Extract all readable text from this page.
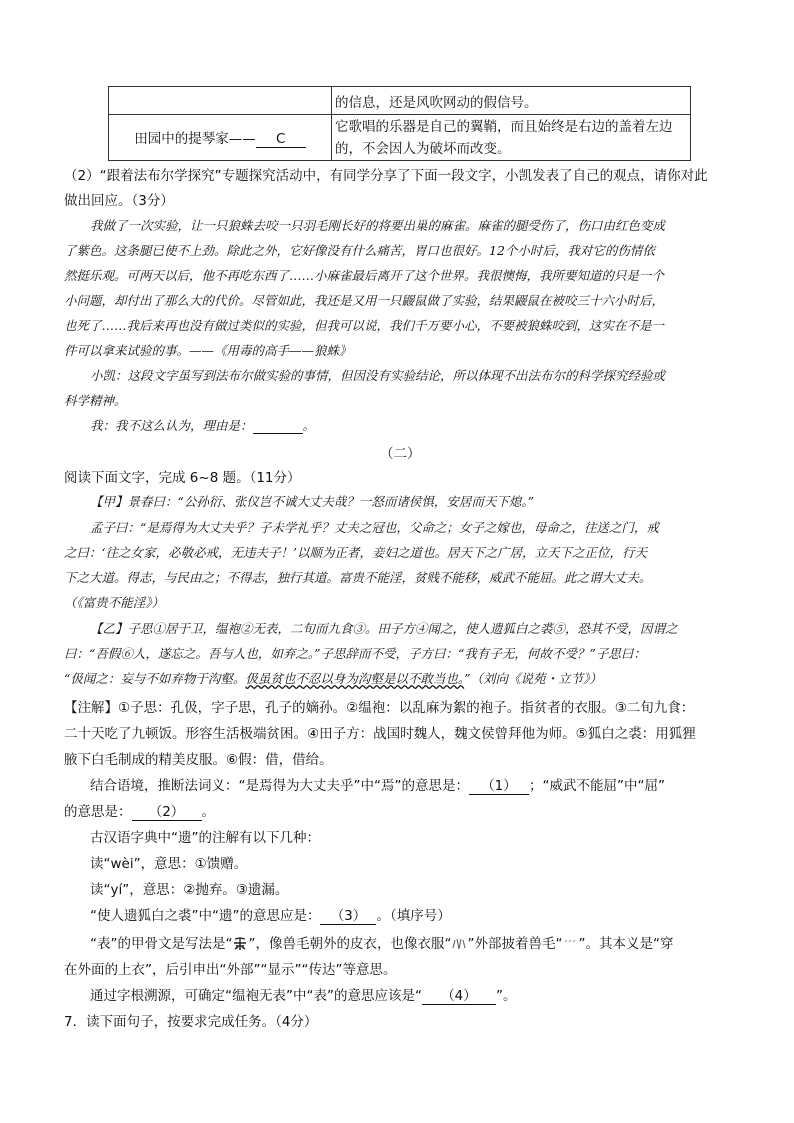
	的信息，还是风吹网动的假信号。
田园中的提琴家—— C	它歌唱的乐器是自己的翼鞘，而且始终是右边的盖着左边
的，不会因人为破坏而改变。
（2）“跟着法布尔学探究”专题探究活动中，有同学分享了下面一段文字，小凯发表了自己的观点，请你对此
做出回应。（3分）
我做了一次实验，让一只狼蛛去咬一只羽毛刚长好的将要出巢的麻雀。麻雀的腿受伤了，伤口由红色变成
了紫色。这条腿已使不上劲。除此之外，它好像没有什么痛苦，胃口也很好。12个小时后，我对它的伤情依
然挺乐观。可两天以后，他不再吃东西了……小麻雀最后离开了这个世界。我很懊悔，我所要知道的只是一个
小问题，却付出了那么大的代价。尽管如此，我还是又用一只鼹鼠做了实验，结果鼹鼠在被咬三十六小时后，
也死了……我后来再也没有做过类似的实验，但我可以说，我们千万要小心，不要被狼蛛咬到，这实在不是一
件可以拿来试验的事。——《用毒的高手——狼蛛》
小凯：这段文字虽写到法布尔做实验的事情，但因没有实验结论，所以体现不出法布尔的科学探究经验或
科学精神。
我：我不这么认为，理由是：	。
（二）
阅读下面文字，完成 6~8 题。（11分）
【甲】景春曰：“公孙衍、张仪岂不诚大丈夫哉？一怒而诸侯惧，安居而天下熄。”
孟子曰：“是焉得为大丈夫乎？子未学礼乎？丈夫之冠也，父命之；女子之嫁也，母命之，往送之门，戒
之曰：‘往之女家，必敬必戒，无违夫子！’以顺为正者，妾妇之道也。居天下之广居，立天下之正位，行天
下之大道。得志，与民由之；不得志，独行其道。富贵不能淫，贫贱不能移，威武不能屈。此之谓大丈夫。
（《富贵不能淫》）
【乙】子思①居于卫，缊袍②无表，二旬而九食③。田子方④闻之，使人遗狐白之裘⑤，恐其不受，因谓之
曰：“吾假⑥人，遂忘之。吾与人也，如弃之。”子思辞而不受，子方曰：“我有子无，何故不受？”子思曰：
“伋闻之：妄与不如弃物于沟壑。伋虽贫也不忍以身为沟壑是以不敢当也。”（刘向《说苑・立节》）
【注解】①子思：孔伋，字子思，孔子的嫡孙。②缊袍：以乱麻为絮的袍子。指贫者的衣服。③二旬九食：
二十天吃了九顿饭。形容生活极端贫困。④田子方：战国时魏人，魏文侯曾拜他为师。⑤狐白之裘：用狐狸
腋下白毛制成的精美皮服。⑥假：借，借给。
结合语境，推断法词义：“是焉得为大丈夫乎”中“焉”的意思是： （1） ；“威武不能屈”中“屈”
的意思是： （2） 。
古汉语字典中“遗”的注解有以下几种：
读“wèi”，意思：①馈赠。
读“yí”，意思：②抛弃。③遗漏。
“使人遗狐白之裘”中“遗”的意思应是： （3） 。（填序号）
“表”的甲骨文是写法是“ ”，像兽毛朝外的皮衣，也像衣服“ ”外部披着兽毛“ ”。其本义是“穿
在外面的上衣”，后引申出“外部”“显示”“传达”等意思。
通过字根溯源，可确定“缊袍无表”中“表”的意思应该是“ （4） ”。
7．读下面句子，按要求完成任务。（4分）
